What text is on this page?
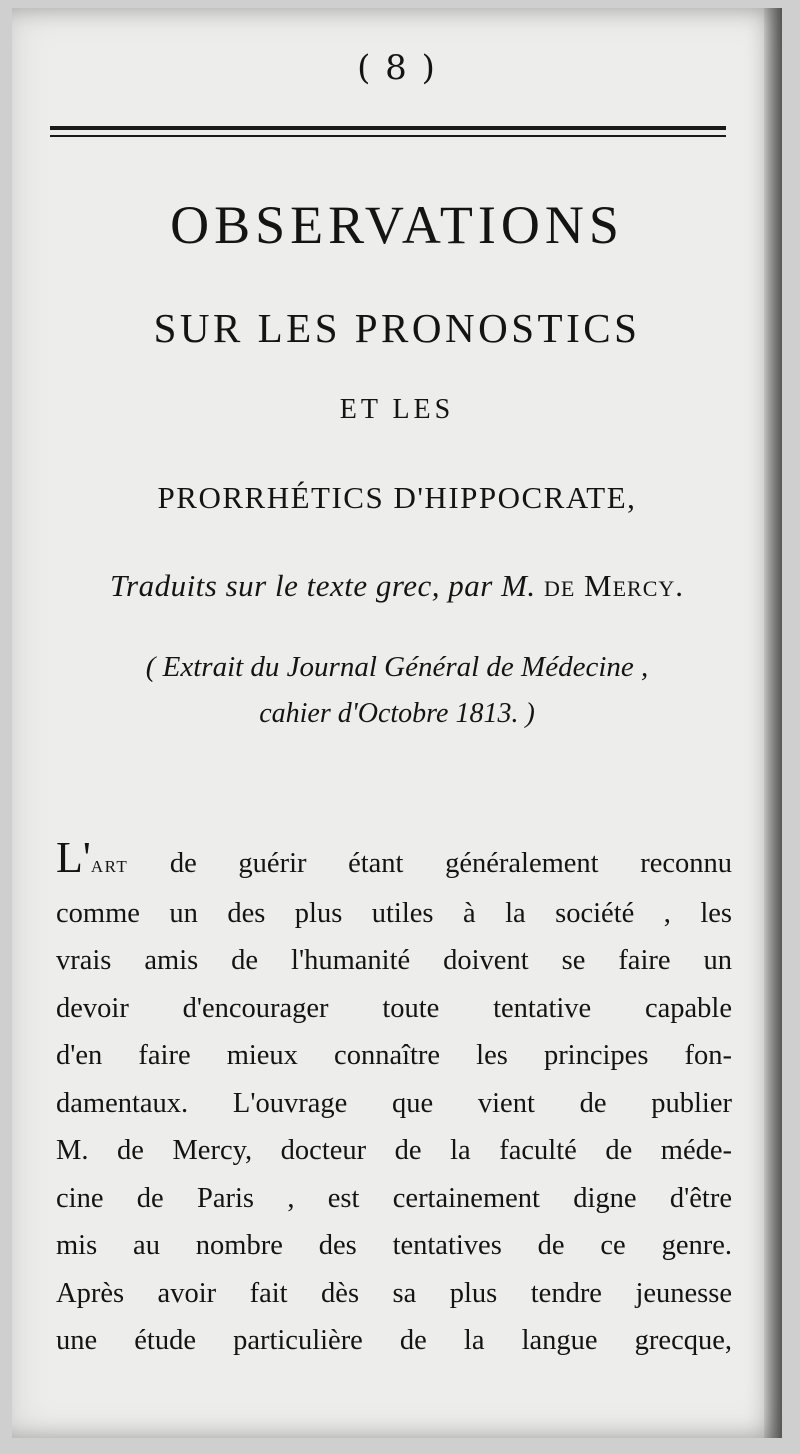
( 8 )
OBSERVATIONS
SUR LES PRONOSTICS
ET LES
PRORRHÉTICS D'HIPPOCRATE,
Traduits sur le texte grec, par M. de Mercy.
( Extrait du Journal Général de Médecine ,
cahier d'Octobre 1813. )
L'art de guérir étant généralement reconnu
comme un des plus utiles à la société , les
vrais amis de l'humanité doivent se faire un
devoir d'encourager toute tentative capable
d'en faire mieux connaître les principes fon-
damentaux. L'ouvrage que vient de publier
M. de Mercy, docteur de la faculté de méde-
cine de Paris , est certainement digne d'être
mis au nombre des tentatives de ce genre.
Après avoir fait dès sa plus tendre jeunesse
une étude particulière de la langue grecque,
